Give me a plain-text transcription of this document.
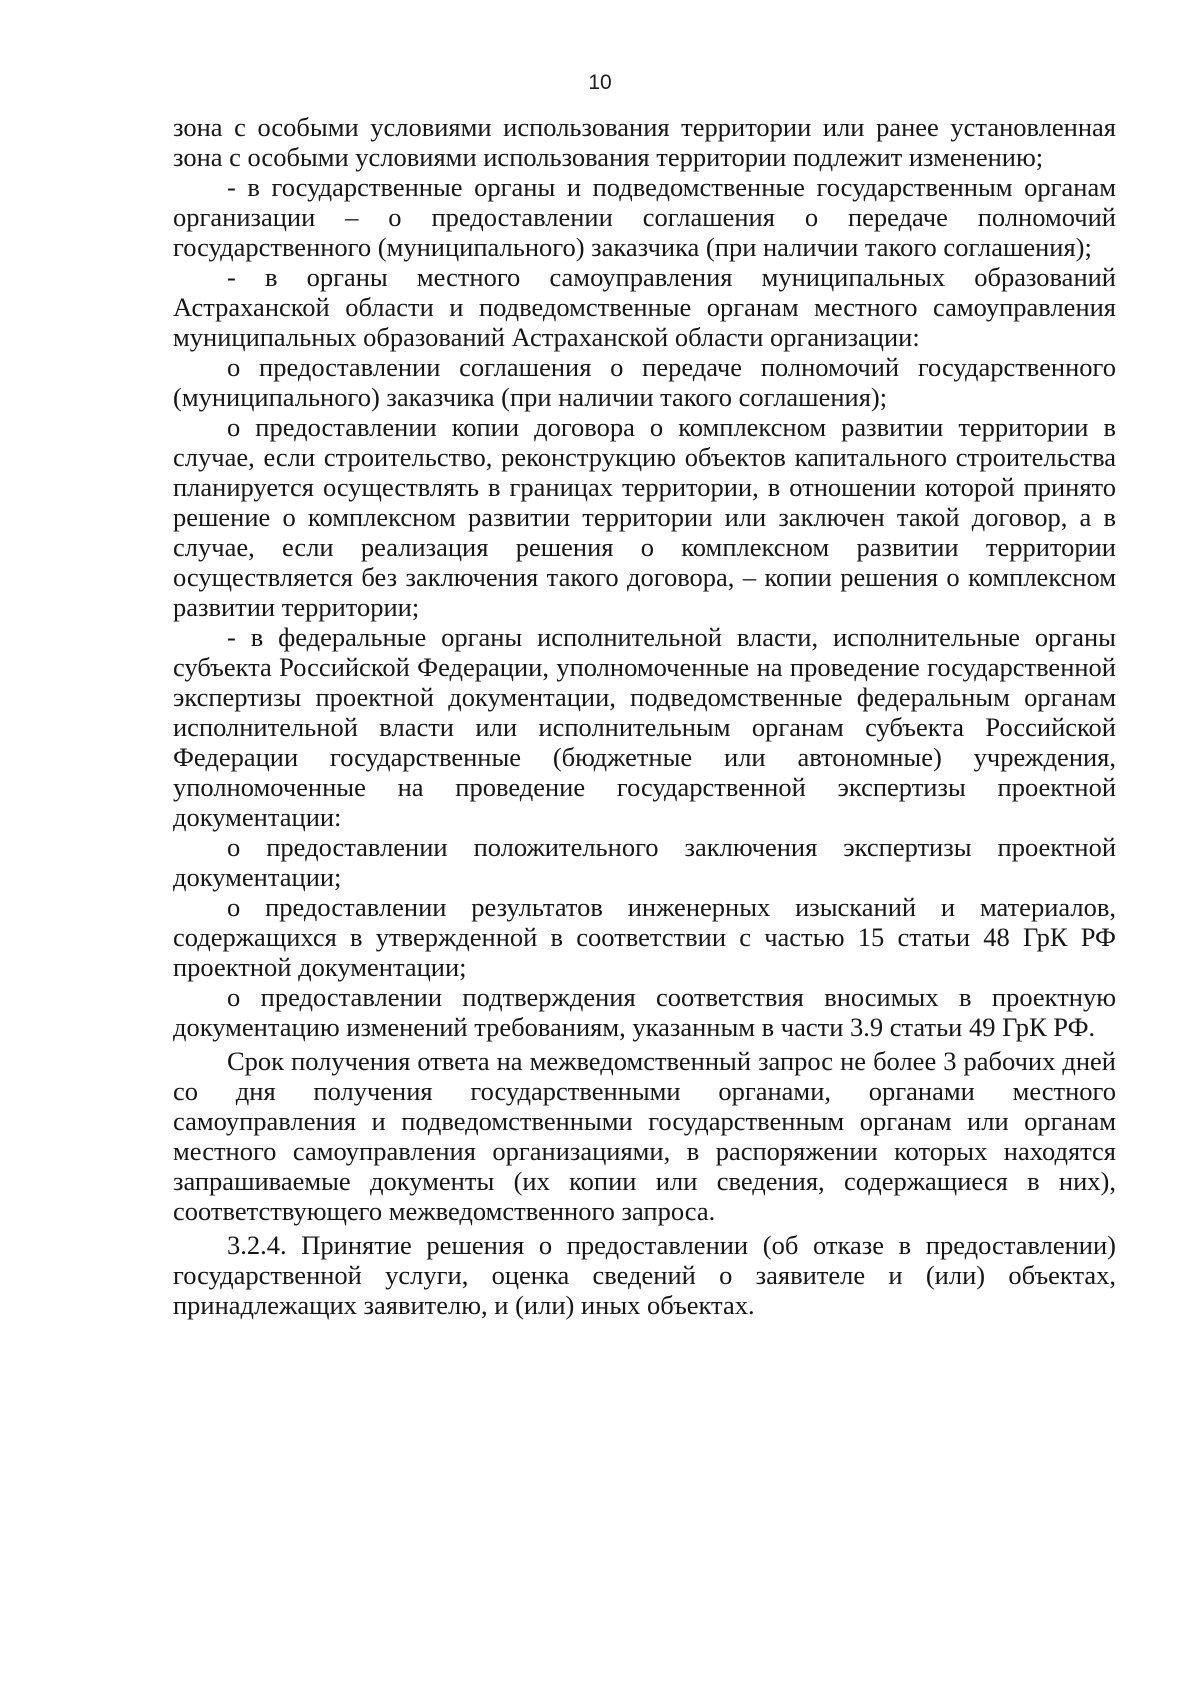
10

зона с особыми условиями использования территории или ранее установленная зона с особыми условиями использования территории подлежит изменению;

- в государственные органы и подведомственные государственным органам организации – о предоставлении соглашения о передаче полномочий государственного (муниципального) заказчика (при наличии такого соглашения);

- в органы местного самоуправления муниципальных образований Астраханской области и подведомственные органам местного самоуправления муниципальных образований Астраханской области организации:

о предоставлении соглашения о передаче полномочий государственного (муниципального) заказчика (при наличии такого соглашения);

о предоставлении копии договора о комплексном развитии территории в случае, если строительство, реконструкцию объектов капитального строительства планируется осуществлять в границах территории, в отношении которой принято решение о комплексном развитии территории или заключен такой договор, а в случае, если реализация решения о комплексном развитии территории осуществляется без заключения такого договора, – копии решения о комплексном развитии территории;

- в федеральные органы исполнительной власти, исполнительные органы субъекта Российской Федерации, уполномоченные на проведение государственной экспертизы проектной документации, подведомственные федеральным органам исполнительной власти или исполнительным органам субъекта Российской Федерации государственные (бюджетные или автономные) учреждения, уполномоченные на проведение государственной экспертизы проектной документации:

о предоставлении положительного заключения экспертизы проектной документации;

о предоставлении результатов инженерных изысканий и материалов, содержащихся в утвержденной в соответствии с частью 15 статьи 48 ГрК РФ проектной документации;

о предоставлении подтверждения соответствия вносимых в проектную документацию изменений требованиям, указанным в части 3.9 статьи 49 ГрК РФ.

Срок получения ответа на межведомственный запрос не более 3 рабочих дней со дня получения государственными органами, органами местного самоуправления и подведомственными государственным органам или органам местного самоуправления организациями, в распоряжении которых находятся запрашиваемые документы (их копии или сведения, содержащиеся в них), соответствующего межведомственного запроса.

3.2.4. Принятие решения о предоставлении (об отказе в предоставлении) государственной услуги, оценка сведений о заявителе и (или) объектах, принадлежащих заявителю, и (или) иных объектах.
